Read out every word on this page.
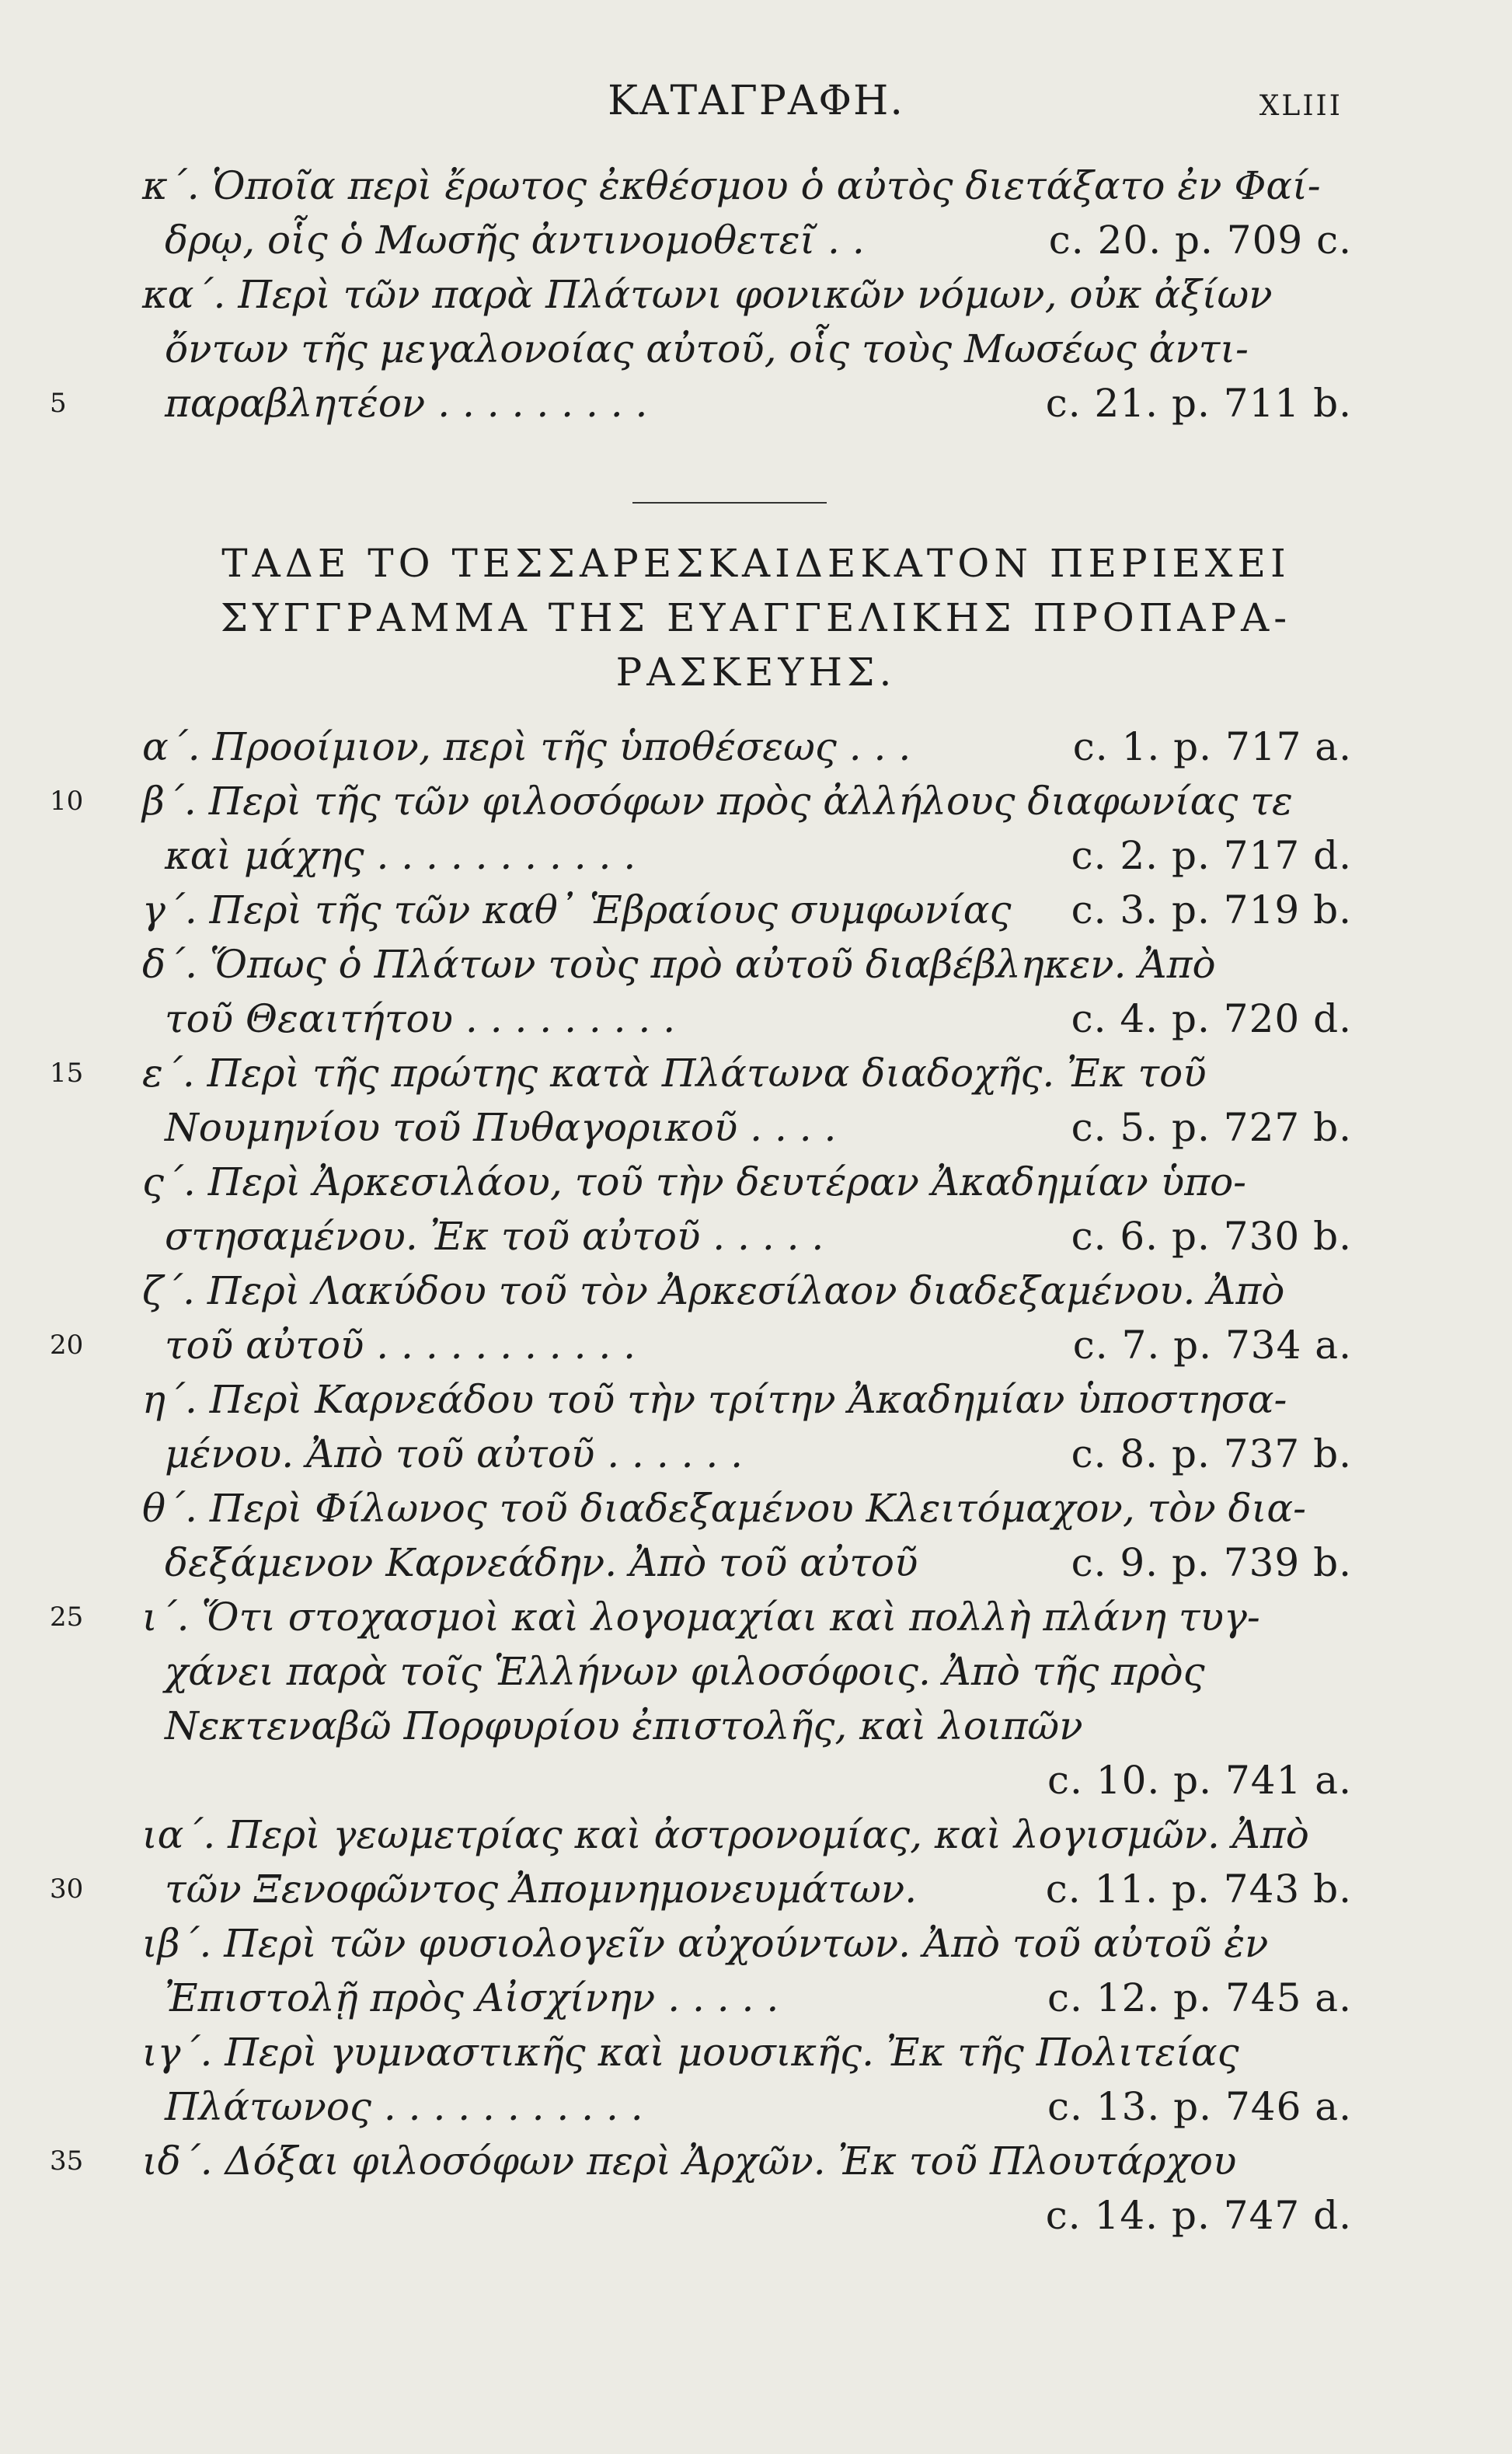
ΚΑΤΑΓΡΑΦΗ.	XLIII
κ΄. Ὁποῖα περὶ ἔρωτος ἐκθέσμου ὁ αὐτὸς διετάξατο ἐν Φαί-
δρῳ, οἷς ὁ Μωσῆς ἀντινομοθετεῖ . .	c. 20. p. 709 c.
κα΄. Περὶ τῶν παρὰ Πλάτωνι φονικῶν νόμων, οὐκ ἀξίων
ὄντων τῆς μεγαλονοίας αὐτοῦ, οἷς τοὺς Μωσέως ἀντι-
5	παραβλητέον . . . . . . . . .	c. 21. p. 711 b.
ΤΑΔΕ ΤΟ ΤΕΣΣΑΡΕΣΚΑΙΔΕΚΑΤΟΝ ΠΕΡΙΕΧΕΙ
ΣΥΓΓΡΑΜΜΑ ΤΗΣ ΕΥΑΓΓΕΛΙΚΗΣ ΠΡΟΠΑΡΑ-
ΡΑΣΚΕΥΗΣ.
α΄. Προοίμιον, περὶ τῆς ὑποθέσεως . . .	c. 1. p. 717 a.
10 β΄. Περὶ τῆς τῶν φιλοσόφων πρὸς ἀλλήλους διαφωνίας τε
καὶ μάχης . . . . . . . . . . .	c. 2. p. 717 d.
γ΄. Περὶ τῆς τῶν καθ᾽ Ἑβραίους συμφωνίας c. 3. p. 719 b.
δ΄. Ὅπως ὁ Πλάτων τοὺς πρὸ αὐτοῦ διαβέβληκεν. Ἀπὸ
τοῦ Θεαιτήτου . . . . . . . . .	c. 4. p. 720 d.
15 ε΄. Περὶ τῆς πρώτης κατὰ Πλάτωνα διαδοχῆς. Ἐκ τοῦ
Νουμηνίου τοῦ Πυθαγορικοῦ . . . .	c. 5. p. 727 b.
ς΄. Περὶ Ἀρκεσιλάου, τοῦ τὴν δευτέραν Ἀκαδημίαν ὑπο-
στησαμένου. Ἐκ τοῦ αὐτοῦ . . . . .	c. 6. p. 730 b.
ζ΄. Περὶ Λακύδου τοῦ τὸν Ἀρκεσίλαον διαδεξαμένου. Ἀπὸ
20 τοῦ αὐτοῦ . . . . . . . . . . .	c. 7. p. 734 a.
η΄. Περὶ Καρνεάδου τοῦ τὴν τρίτην Ἀκαδημίαν ὑποστησα-
μένου. Ἀπὸ τοῦ αὐτοῦ . . . . . .	c. 8. p. 737 b.
θ΄. Περὶ Φίλωνος τοῦ διαδεξαμένου Κλειτόμαχον, τὸν δια-
δεξάμενον Καρνεάδην. Ἀπὸ τοῦ αὐτοῦ	c. 9. p. 739 b.
25 ι΄. Ὅτι στοχασμοὶ καὶ λογομαχίαι καὶ πολλὴ πλάνη τυγ-
χάνει παρὰ τοῖς Ἑλλήνων φιλοσόφοις. Ἀπὸ τῆς πρὸς
Νεκτεναβῶ Πορφυρίου ἐπιστολῆς, καὶ λοιπῶν
c. 10. p. 741 a.
ια΄. Περὶ γεωμετρίας καὶ ἀστρονομίας, καὶ λογισμῶν. Ἀπὸ
30 τῶν Ξενοφῶντος Ἀπομνημονευμάτων.	c. 11. p. 743 b.
ιβ΄. Περὶ τῶν φυσιολογεῖν αὐχούντων. Ἀπὸ τοῦ αὐτοῦ ἐν
Ἐπιστολῇ πρὸς Αἰσχίνην . . . . .	c. 12. p. 745 a.
ιγ΄. Περὶ γυμναστικῆς καὶ μουσικῆς. Ἐκ τῆς Πολιτείας
Πλάτωνος . . . . . . . . . . .	c. 13. p. 746 a.
35 ιδ΄. Δόξαι φιλοσόφων περὶ Ἀρχῶν. Ἐκ τοῦ Πλουτάρχου
c. 14. p. 747 d.
